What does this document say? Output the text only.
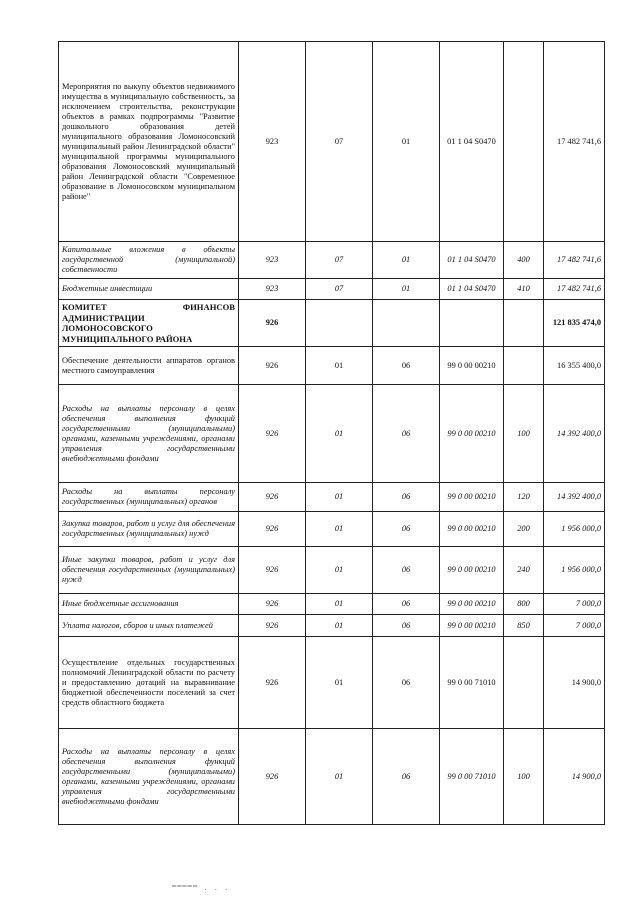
Мероприятия по выкупу объектов недвижимого имущества в муниципальную собственность, за исключением строительства, реконструкции объектов в рамках подпрограммы "Развитие дошкольного образования детей муниципального образования Ломоносовский муниципальный район Ленинградской области" муниципальной программы муниципального образования Ломоносовский муниципальный район Ленинградской области "Современное образование в Ломоносовском муниципальном районе"	923	07	01	01 1 04 S0470		17 482 741,6
Капитальные вложения в объекты государственной (муниципальной) собственности	923	07	01	01 1 04 S0470	400	17 482 741,6
Бюджетные инвестиции	923	07	01	01 1 04 S0470	410	17 482 741,6
КОМИТЕТ ФИНАНСОВ АДМИНИСТРАЦИИ ЛОМОНОСОВСКОГО МУНИЦИПАЛЬНОГО РАЙОНА	926					121 835 474,0
Обеспечение деятельности аппаратов органов местного самоуправления	926	01	06	99 0 00 00210		16 355 400,0
Расходы на выплаты персоналу в целях обеспечения выполнения функций государственными (муниципальными) органами, казенными учреждениями, органами управления государственными внебюджетными фондами	926	01	06	99 0 00 00210	100	14 392 400,0
Расходы на выплаты персоналу государственных (муниципальных) органов	926	01	06	99 0 00 00210	120	14 392 400,0
Закупка товаров, работ и услуг для обеспечения государственных (муниципальных) нужд	926	01	06	99 0 00 00210	200	1 956 000,0
Иные закупки товаров, работ и услуг для обеспечения государственных (муниципальных) нужд	926	01	06	99 0 00 00210	240	1 956 000,0
Иные бюджетные ассигнования	926	01	06	99 0 00 00210	800	7 000,0
Уплата налогов, сборов и иных платежей	926	01	06	99 0 00 00210	850	7 000,0
Осуществление отдельных государственных полномочий Ленинградской области по расчету и предоставлению дотаций на выравнивание бюджетной обеспеченности поселений за счет средств областного бюджета	926	01	06	99 0 00 71010		14 900,0
Расходы на выплаты персоналу в целях обеспечения выполнения функций государственными (муниципальными) органами, казенными учреждениями, органами управления государственными внебюджетными фондами	926	01	06	99 0 00 71010	100	14 900,0
▔▔▔▔▔ · · ·
